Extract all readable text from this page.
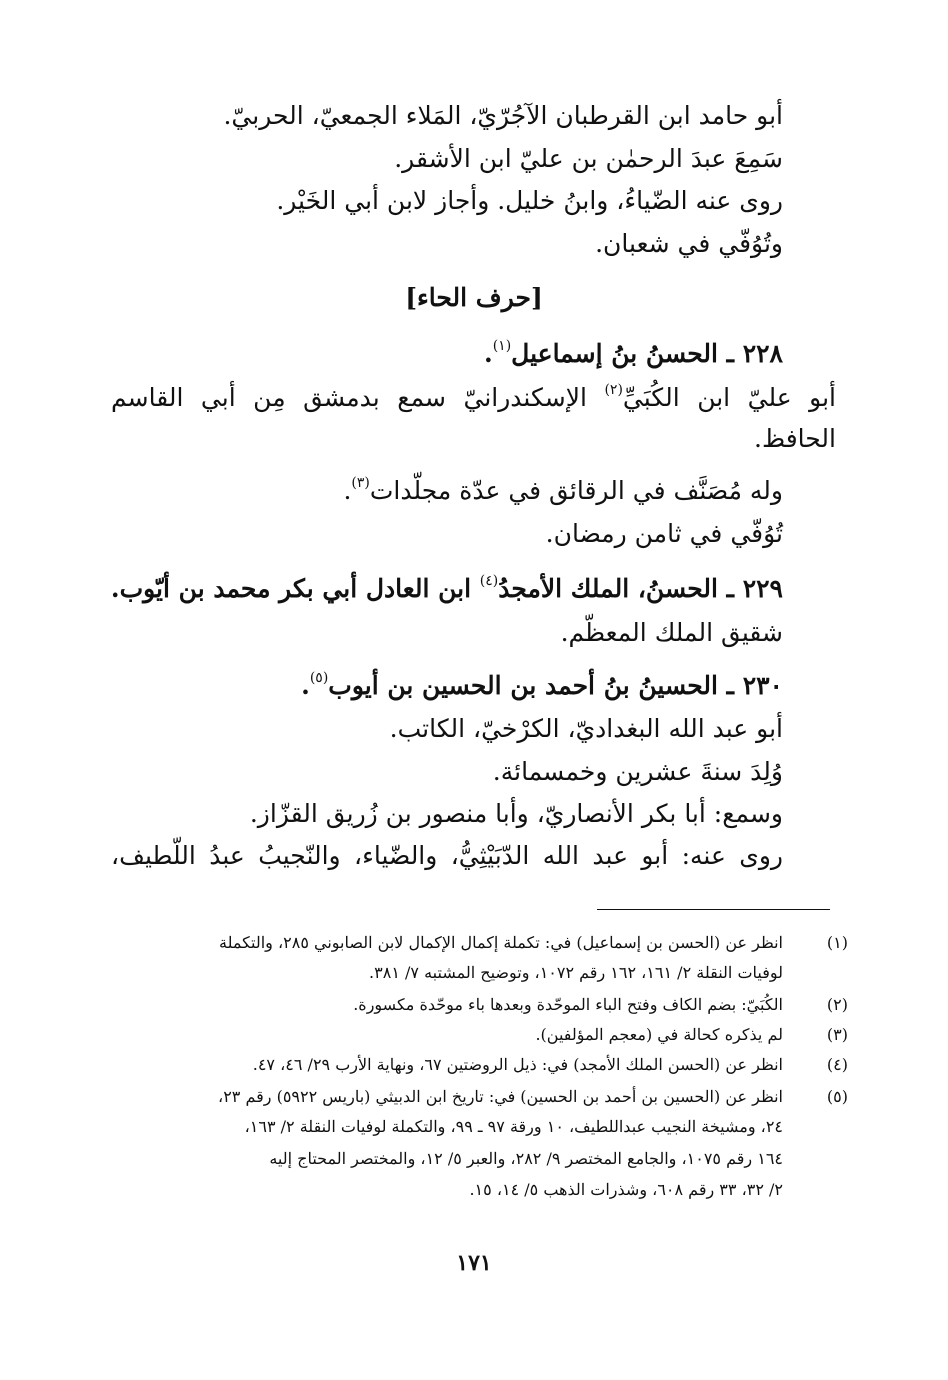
أبو حامد ابن القرطبان الآجُرّيّ، المَلاء الجمعيّ، الحربيّ.
سَمِعَ عبدَ الرحمٰن بن عليّ ابن الأشقر.
روى عنه الضّياءُ، وابنُ خليل. وأجاز لابن أبي الخَيْر.
وتُوُفّي في شعبان.
[حرف الحاء]
٢٢٨ ـ الحسنُ بنُ إسماعيل$^{(١)}$.
أبو عليّ ابن الكُبَيِّ$^{(٢)}$ الإسكندرانيّ سمع بدمشق مِن أبي القاسم
الحافظ.
وله مُصَنَّف في الرقائق في عدّة مجلّدات$^{(٣)}$.
تُوُفّي في ثامن رمضان.
٢٢٩ ـ الحسنُ، الملك الأمجدُ$^{(٤)}$ ابن العادل أبي بكر محمد بن أيّوب.
شقيق الملك المعظّم.
٢٣٠ ـ الحسينُ بنُ أحمد بن الحسين بن أيوب$^{(٥)}$.
أبو عبد الله البغداديّ، الكرْخيّ، الكاتب.
وُلِدَ سنةَ عشرين وخمسمائة.
وسمع: أبا بكر الأنصاريّ، وأبا منصور بن زُريق القزّاز.
روى عنه: أبو عبد الله الدّبَيْثِيُّ، والضّياء، والنّجيبُ عبدُ اللّطيف،
(١)
انظر عن (الحسن بن إسماعيل) في: تكملة إكمال الإكمال لابن الصابوني ٢٨٥، والتكملة
لوفيات النقلة ٢/ ١٦١، ١٦٢ رقم ١٠٧٢، وتوضيح المشتبه ٧/ ٣٨١.
(٢)
الكُبَيّ: بضم الكاف وفتح الباء الموحّدة وبعدها باء موحّدة مكسورة.
(٣)
لم يذكره كحالة في (معجم المؤلفين).
(٤)
انظر عن (الحسن الملك الأمجد) في: ذيل الروضتين ٦٧، ونهاية الأرب ٢٩/ ٤٦، ٤٧.
(٥)
انظر عن (الحسين بن أحمد بن الحسين) في: تاريخ ابن الدبيثي (باريس ٥٩٢٢) رقم ٢٣،
٢٤، ومشيخة النجيب عبداللطيف، ١٠ ورقة ٩٧ ـ ٩٩، والتكملة لوفيات النقلة ٢/ ١٦٣،
١٦٤ رقم ١٠٧٥، والجامع المختصر ٩/ ٢٨٢، والعبر ٥/ ١٢، والمختصر المحتاج إليه
٢/ ٣٢، ٣٣ رقم ٦٠٨، وشذرات الذهب ٥/ ١٤، ١٥.
١٧١
